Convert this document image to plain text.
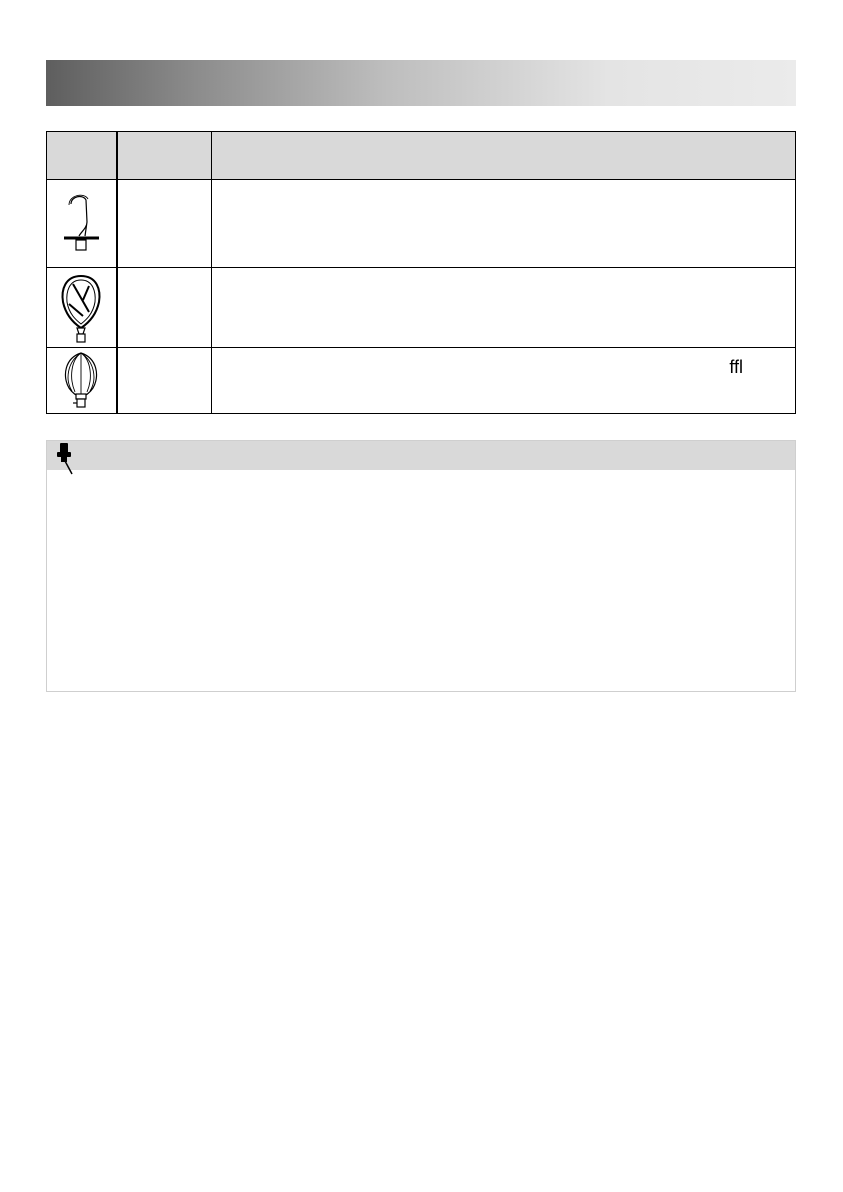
ffl
